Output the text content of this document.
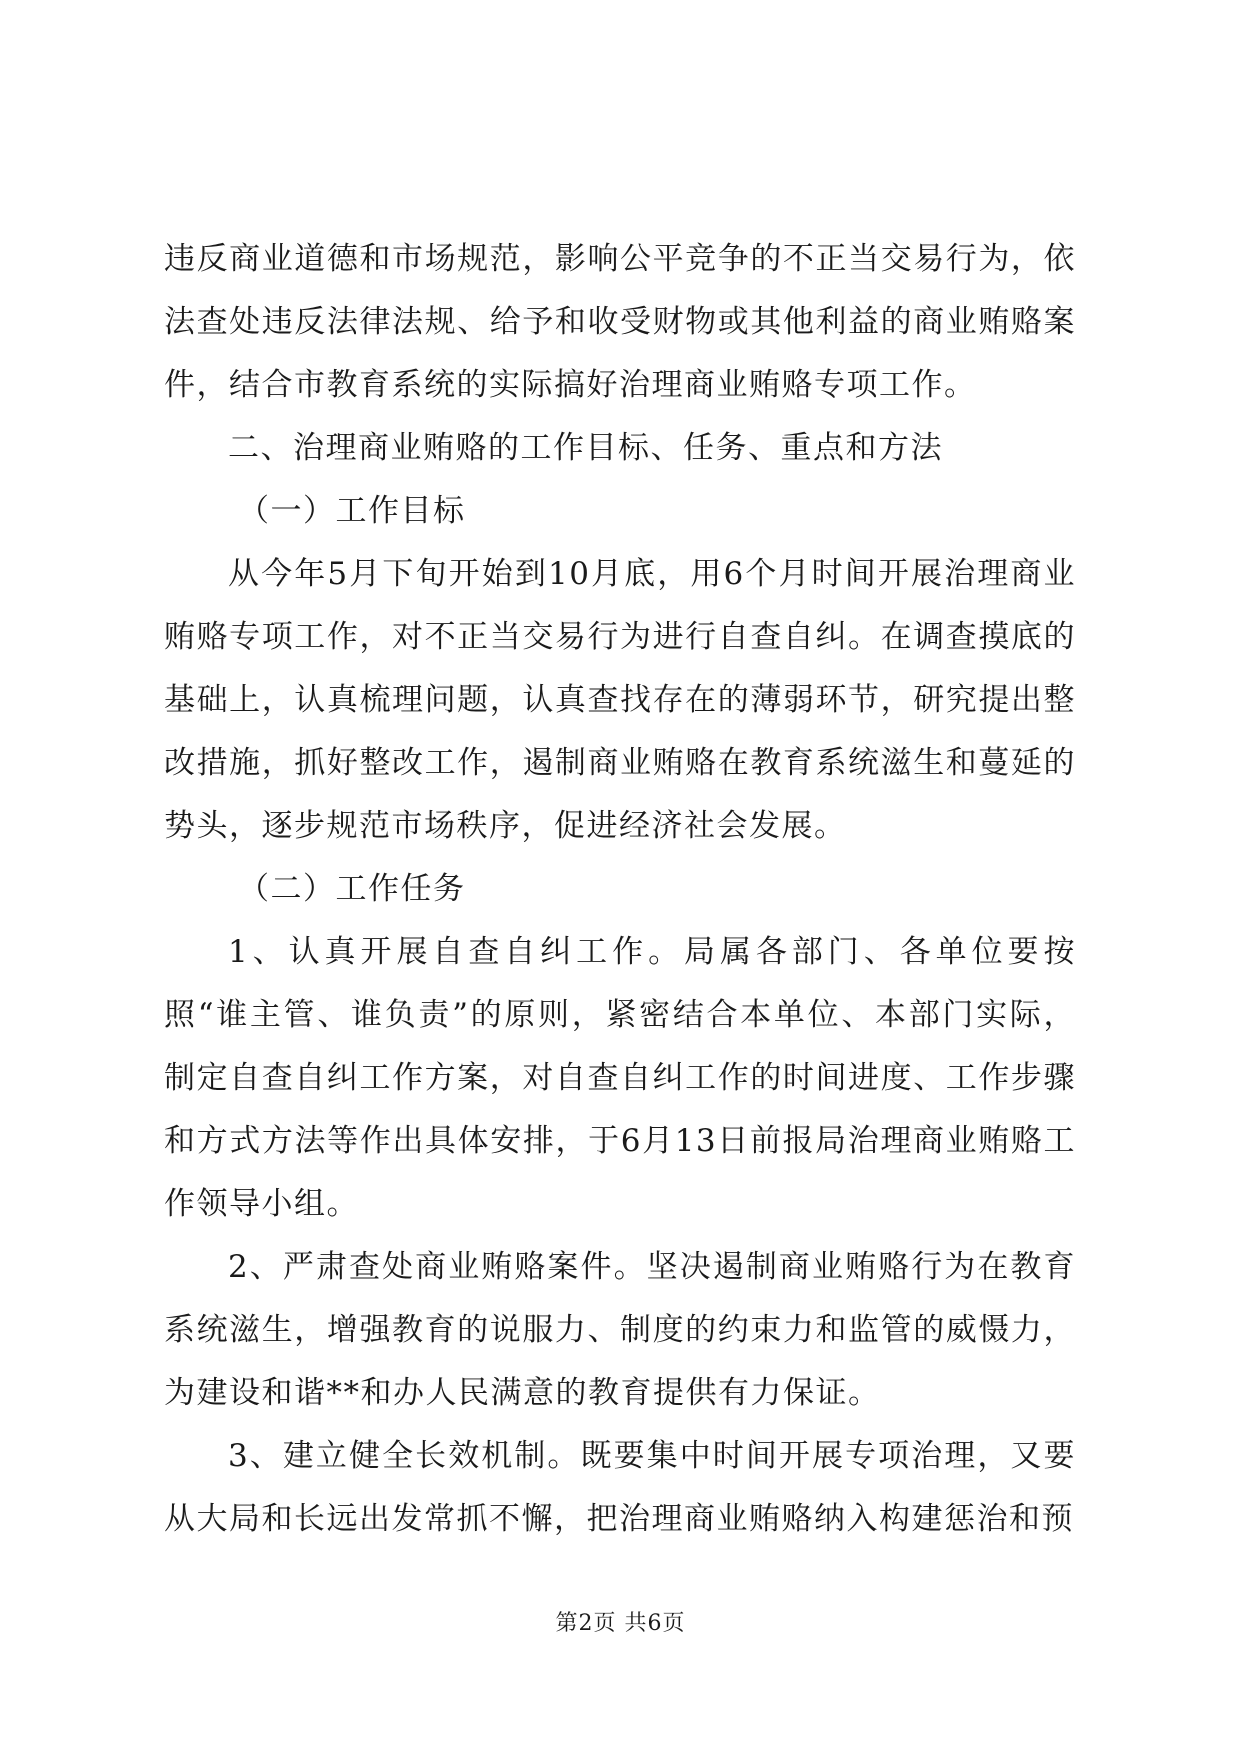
违反商业道德和市场规范，影响公平竞争的不正当交易行为，依法查处违反法律法规、给予和收受财物或其他利益的商业贿赂案件，结合市教育系统的实际搞好治理商业贿赂专项工作。

二、治理商业贿赂的工作目标、任务、重点和方法

（一）工作目标

从今年5月下旬开始到10月底，用6个月时间开展治理商业贿赂专项工作，对不正当交易行为进行自查自纠。在调查摸底的基础上，认真梳理问题，认真查找存在的薄弱环节，研究提出整改措施，抓好整改工作，遏制商业贿赂在教育系统滋生和蔓延的势头，逐步规范市场秩序，促进经济社会发展。

（二）工作任务

1、认真开展自查自纠工作。局属各部门、各单位要按照“谁主管、谁负责”的原则，紧密结合本单位、本部门实际，制定自查自纠工作方案，对自查自纠工作的时间进度、工作步骤和方式方法等作出具体安排，于6月13日前报局治理商业贿赂工作领导小组。

2、严肃查处商业贿赂案件。坚决遏制商业贿赂行为在教育系统滋生，增强教育的说服力、制度的约束力和监管的威慑力，为建设和谐**和办人民满意的教育提供有力保证。

3、建立健全长效机制。既要集中时间开展专项治理，又要从大局和长远出发常抓不懈，把治理商业贿赂纳入构建惩治和预

第2页 共6页
